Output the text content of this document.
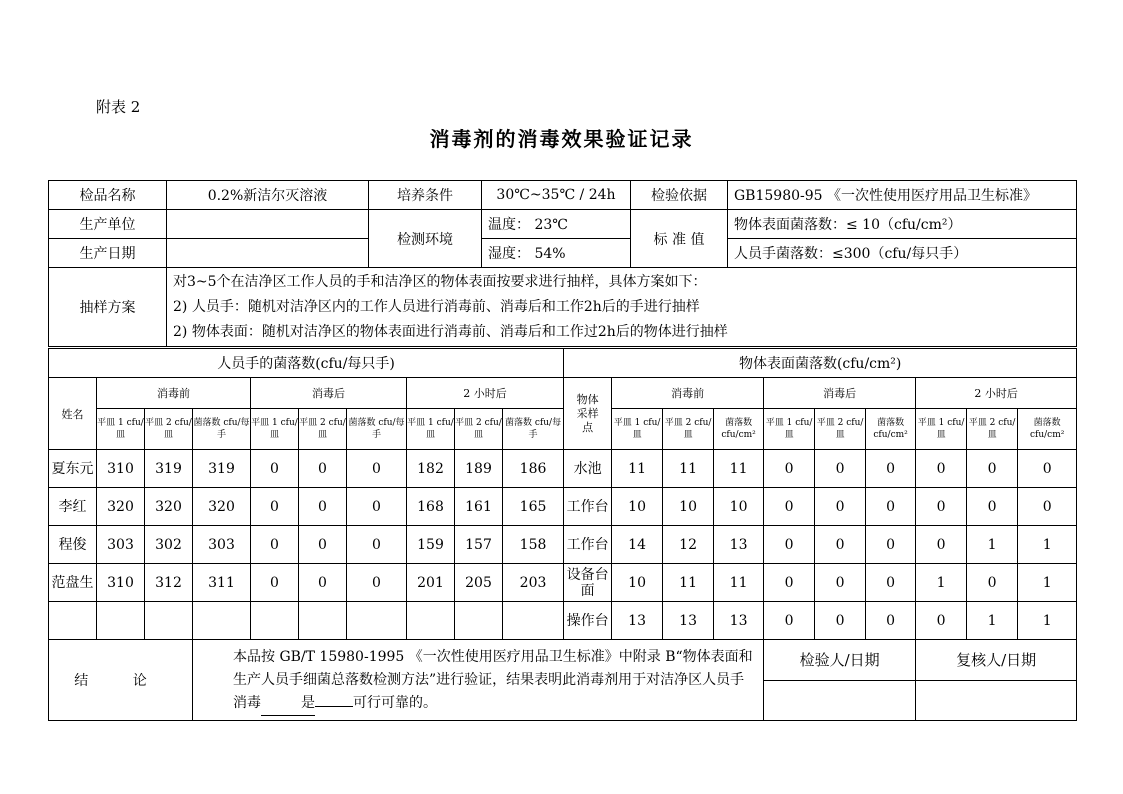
附表 2
消毒剂的消毒效果验证记录
检品名称	0.2%新洁尔灭溶液	培养条件	30℃~35℃ / 24h	检验依据	GB15980-95 《一次性使用医疗用品卫生标准》
生产单位		检测环境	温度： 23℃	标 准 值	物体表面菌落数：≤ 10（cfu/cm²）
生产日期			湿度： 54%		人员手菌落数：≤300（cfu/每只手）
抽样方案	对3~5个在洁净区工作人员的手和洁净区的物体表面按要求进行抽样，具体方案如下：
2) 人员手：随机对洁净区内的工作人员进行消毒前、消毒后和工作2h后的手进行抽样
2) 物体表面：随机对洁净区的物体表面进行消毒前、消毒后和工作过2h后的物体进行抽样				
人员手的菌落数(cfu/每只手)										物体表面菌落数(cfu/cm²)									
姓名	消毒前			消毒后			2 小时后			物体采样点	消毒前			消毒后			2 小时后		
	平皿 1 cfu/皿	平皿 2 cfu/皿	菌落数 cfu/每手	平皿 1 cfu/皿	平皿 2 cfu/皿	菌落数 cfu/每手	平皿 1 cfu/皿	平皿 2 cfu/皿	菌落数 cfu/每手		平皿 1 cfu/皿	平皿 2 cfu/皿	菌落数 cfu/cm²	平皿 1 cfu/皿	平皿 2 cfu/皿	菌落数 cfu/cm²	平皿 1 cfu/皿	平皿 2 cfu/皿	菌落数 cfu/cm²
夏东元	310	319	319	0	0	0	182	189	186	水池	11	11	11	0	0	0	0	0	0
李红	320	320	320	0	0	0	168	161	165	工作台	10	10	10	0	0	0	0	0	0
程俊	303	302	303	0	0	0	159	157	158	工作台	14	12	13	0	0	0	0	1	1
范盘生	310	312	311	0	0	0	201	205	203	设备台面	10	11	11	0	0	0	1	0	1
										操作台	13	13	13	0	0	0	0	1	1
结 论			本品按 GB/T 15980-1995 《一次性使用医疗用品卫生标准》中附录 B“物体表面和生产人员手细菌总落数检测方法”进行验证，结果表明此消毒剂用于对洁净区人员手消毒 是 可行可靠的。											检验人/日期			复核人/日期		
